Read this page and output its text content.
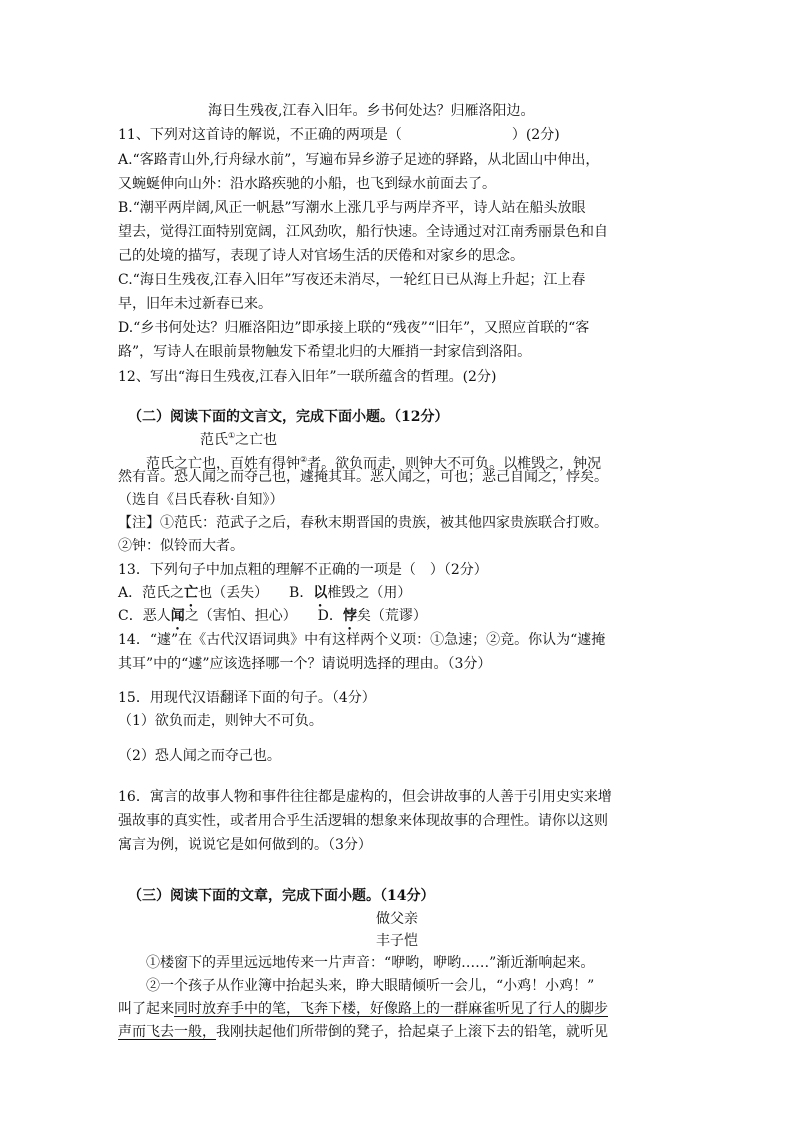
海日生残夜,江春入旧年。乡书何处达？归雁洛阳边。
11、下列对这首诗的解说，不正确的两项是（	）(2分)
A.“客路青山外,行舟绿水前”，写遍布异乡游子足迹的驿路，从北固山中伸出，
又蜿蜒伸向山外：沿水路疾驰的小船，也飞到绿水前面去了。
B.“潮平两岸阔,风正一帆悬”写潮水上涨几乎与两岸齐平，诗人站在船头放眼
望去，觉得江面特别宽阔，江风劲吹，船行快速。全诗通过对江南秀丽景色和自
己的处境的描写，表现了诗人对官场生活的厌倦和对家乡的思念。
C.“海日生残夜,江春入旧年”写夜还未消尽，一轮红日已从海上升起；江上春
早，旧年未过新春已来。
D.“乡书何处达？归雁洛阳边”即承接上联的“残夜”“旧年”，又照应首联的“客
路”，写诗人在眼前景物触发下希望北归的大雁捎一封家信到洛阳。
12、写出“海日生残夜,江春入旧年”一联所蕴含的哲理。(2分)
（二）阅读下面的文言文，完成下面小题。（12分）
范氏①之亡也
范氏之亡也，百姓有得钟②者。欲负而走，则钟大不可负。以椎毁之，钟况
然有音。恐人闻之而夺己也，遽掩其耳。恶人闻之，可也；恶己自闻之，悖矣。
（选自《吕氏春秋·自知》）
【注】①范氏：范武子之后，春秋末期晋国的贵族，被其他四家贵族联合打败。
②钟：似铃而大者。
13．下列句子中加点粗的理解不正确的一项是（　）（2分）
A．范氏之亡也（丢失） B．以椎毁之（用）
C．恶人闻之（害怕、担心） D．悖矣（荒谬）
14．“遽”在《古代汉语词典》中有这样两个义项：①急速；②竞。你认为“遽掩
其耳”中的“遽”应该选择哪一个？请说明选择的理由。（3分）
15．用现代汉语翻译下面的句子。（4分）
（1）欲负而走，则钟大不可负。
（2）恐人闻之而夺己也。
16．寓言的故事人物和事件往往都是虚构的，但会讲故事的人善于引用史实来增
强故事的真实性，或者用合乎生活逻辑的想象来体现故事的合理性。请你以这则
寓言为例，说说它是如何做到的。（3分）
（三）阅读下面的文章，完成下面小题。（14分）
做父亲
丰子恺
①楼窗下的弄里远远地传来一片声音：“咿哟，咿哟……”渐近渐响起来。
②一个孩子从作业簿中抬起头来，睁大眼睛倾听一会儿，“小鸡！小鸡！”
叫了起来同时放弃手中的笔，飞奔下楼，好像路上的一群麻雀听见了行人的脚步
声而飞去一般，我刚扶起他们所带倒的凳子，拾起桌子上滚下去的铅笔，就听见
